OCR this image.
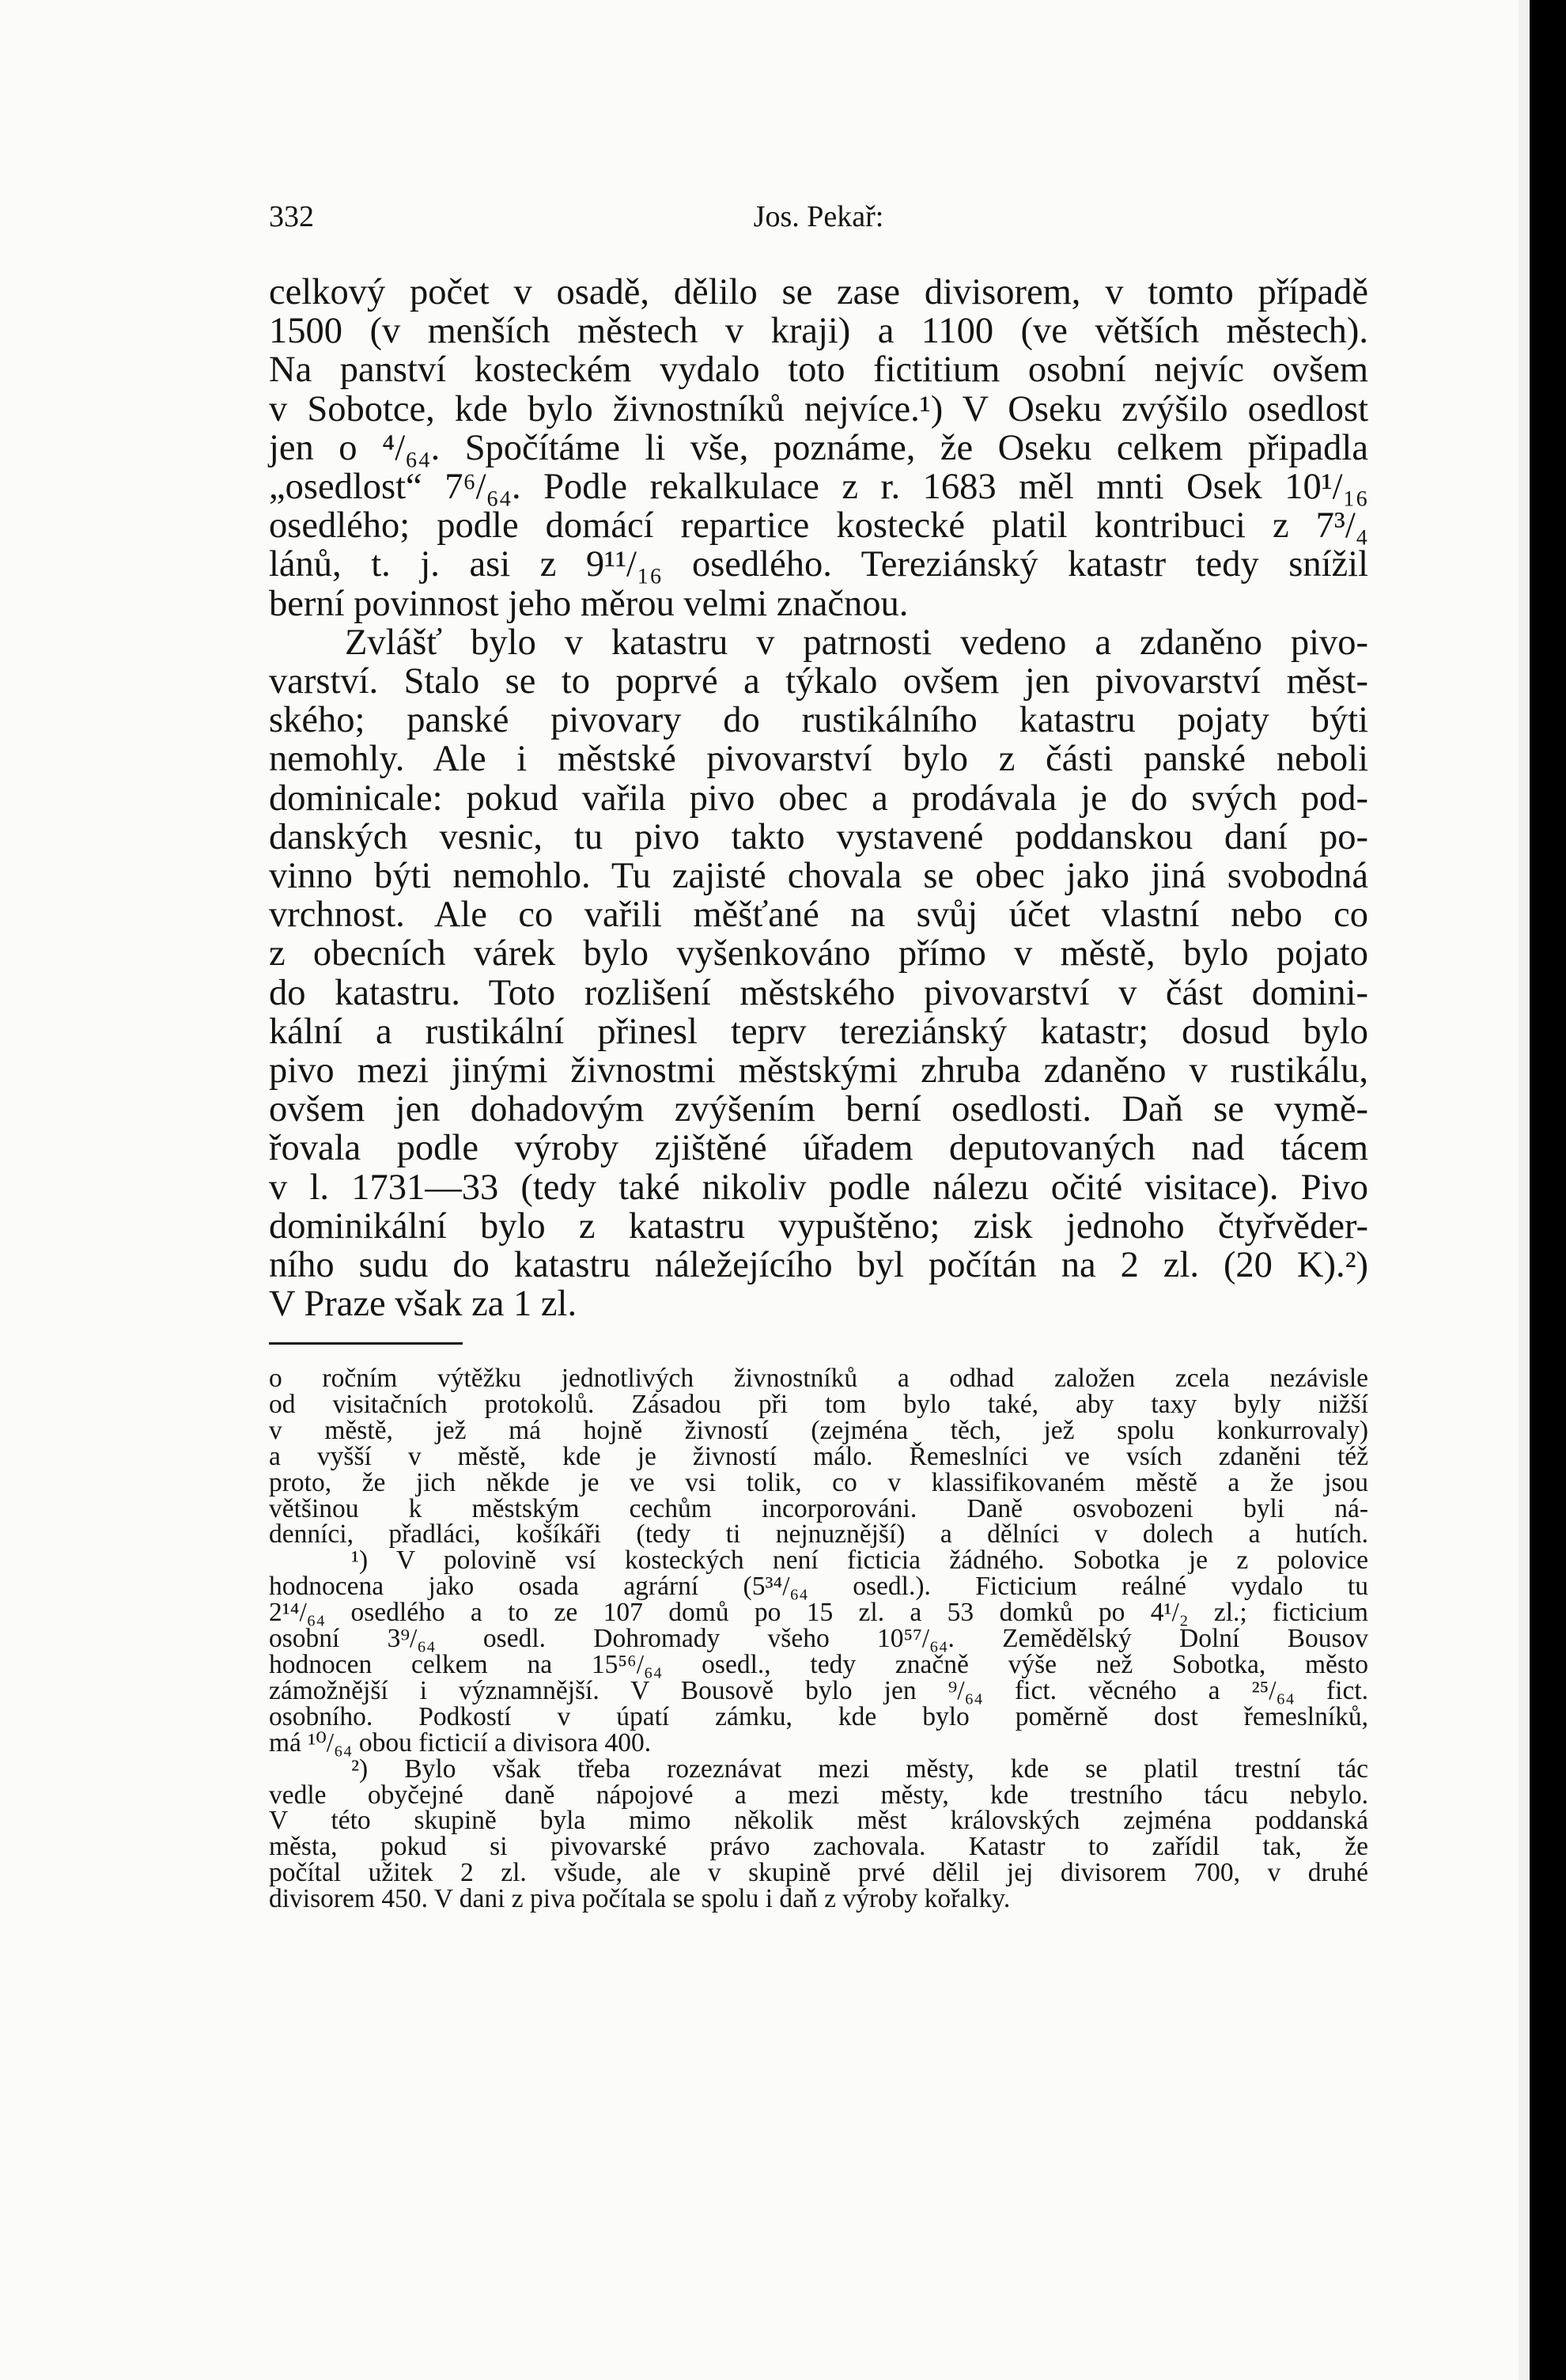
332	Jos. Pekař:
celkový počet v osadě, dělilo se zase divisorem, v tomto případě
1500 (v menších městech v kraji) a 1100 (ve větších městech).
Na panství kosteckém vydalo toto fictitium osobní nejvíc ovšem
v Sobotce, kde bylo živnostníků nejvíce.¹) V Oseku zvýšilo osedlost
jen o ⁴/₆₄. Spočítáme li vše, poznáme, že Oseku celkem připadla
„osedlost“ 7⁶/₆₄. Podle rekalkulace z r. 1683 měl mnti Osek 10¹/₁₆
osedlého; podle domácí repartice kostecké platil kontribuci z 7³/₄
lánů, t. j. asi z 9¹¹/₁₆ osedlého. Tereziánský katastr tedy snížil
berní povinnost jeho měrou velmi značnou.
Zvlášť bylo v katastru v patrnosti vedeno a zdaněno pivo-
varství. Stalo se to poprvé a týkalo ovšem jen pivovarství měst-
ského; panské pivovary do rustikálního katastru pojaty býti
nemohly. Ale i městské pivovarství bylo z části panské neboli
dominicale: pokud vařila pivo obec a prodávala je do svých pod-
danských vesnic, tu pivo takto vystavené poddanskou daní po-
vinno býti nemohlo. Tu zajisté chovala se obec jako jiná svobodná
vrchnost. Ale co vařili měšťané na svůj účet vlastní nebo co
z obecních várek bylo vyšenkováno přímo v městě, bylo pojato
do katastru. Toto rozlišení městského pivovarství v část domini-
kální a rustikální přinesl teprv tereziánský katastr; dosud bylo
pivo mezi jinými živnostmi městskými zhruba zdaněno v rustikálu,
ovšem jen dohadovým zvýšením berní osedlosti. Daň se vymě-
řovala podle výroby zjištěné úřadem deputovaných nad tácem
v l. 1731—33 (tedy také nikoliv podle nálezu očité visitace). Pivo
dominikální bylo z katastru vypuštěno; zisk jednoho čtyřvěder-
ního sudu do katastru náležejícího byl počítán na 2 zl. (20 K).²)
V Praze však za 1 zl.
o ročním výtěžku jednotlivých živnostníků a odhad založen zcela nezávisle
od visitačních protokolů. Zásadou při tom bylo také, aby taxy byly nižší
v městě, jež má hojně živností (zejména těch, jež spolu konkurrovaly)
a vyšší v městě, kde je živností málo. Řemeslníci ve vsích zdaněni též
proto, že jich někde je ve vsi tolik, co v klassifikovaném městě a že jsou
většinou k městským cechům incorporováni. Daně osvobozeni byli ná-
denníci, přadláci, košíkáři (tedy ti nejnuznější) a dělníci v dolech a hutích.
¹) V polovině vsí kosteckých není ficticia žádného. Sobotka je z polovice
hodnocena jako osada agrární (5³⁴/₆₄ osedl.). Ficticium reálné vydalo tu
2¹⁴/₆₄ osedlého a to ze 107 domů po 15 zl. a 53 domků po 4¹/₂ zl.; ficticium
osobní 3⁹/₆₄ osedl. Dohromady všeho 10⁵⁷/₆₄. Zemědělský Dolní Bousov
hodnocen celkem na 15⁵⁶/₆₄ osedl., tedy značně výše než Sobotka, město
zámožnější i významnější. V Bousově bylo jen ⁹/₆₄ fict. věcného a ²⁵/₆₄ fict.
osobního. Podkostí v úpatí zámku, kde bylo poměrně dost řemeslníků,
má ¹⁰/₆₄ obou ficticií a divisora 400.
²) Bylo však třeba rozeznávat mezi městy, kde se platil trestní tác
vedle obyčejné daně nápojové a mezi městy, kde trestního tácu nebylo.
V této skupině byla mimo několik měst královských zejména poddanská
města, pokud si pivovarské právo zachovala. Katastr to zařídil tak, že
počítal užitek 2 zl. všude, ale v skupině prvé dělil jej divisorem 700, v druhé
divisorem 450. V dani z piva počítala se spolu i daň z výroby kořalky.
